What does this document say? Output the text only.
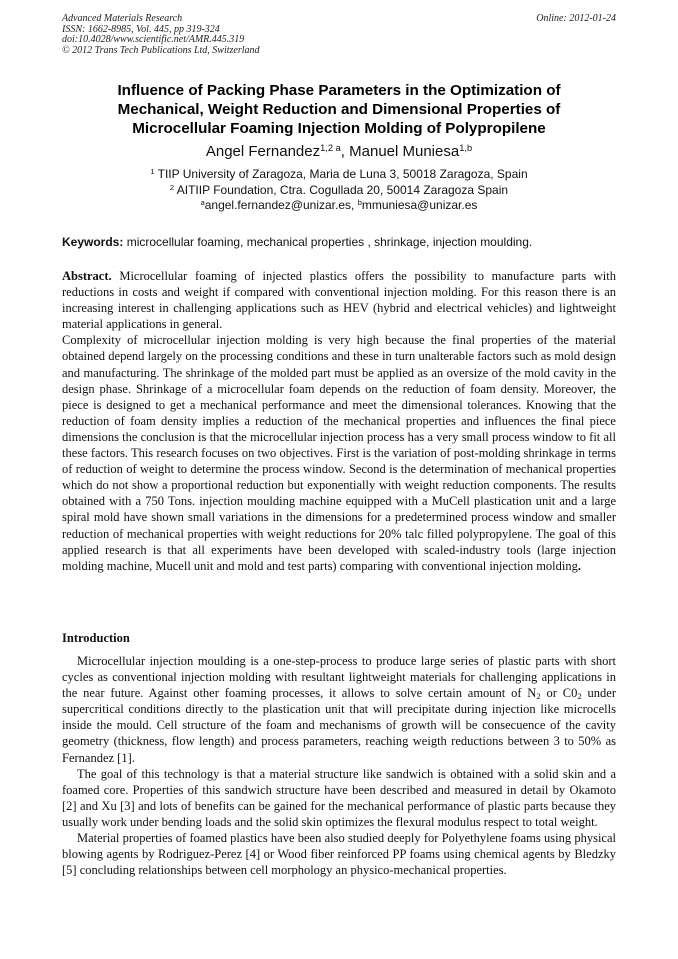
Advanced Materials Research
ISSN: 1662-8985, Vol. 445, pp 319-324
doi:10.4028/www.scientific.net/AMR.445.319
© 2012 Trans Tech Publications Ltd, Switzerland
Online: 2012-01-24
Influence of Packing Phase Parameters in the Optimization of
Mechanical, Weight Reduction and Dimensional Properties of
Microcellular Foaming Injection Molding of Polypropilene
Angel Fernandez$^{1,2 a}$, Manuel Muniesa$^{1,b}$
$^1$ TIIP University of Zaragoza, Maria de Luna 3, 50018 Zaragoza, Spain
$^2$ AITIIP Foundation, Ctra. Cogullada 20, 50014 Zaragoza Spain
$^a$angel.fernandez@unizar.es, $^b$mmuniesa@unizar.es
Keywords: microcellular foaming, mechanical properties , shrinkage, injection moulding.

Abstract. Microcellular foaming of injected plastics offers the possibility to manufacture parts with reductions in costs and weight if compared with conventional injection molding. For this reason there is an increasing interest in challenging applications such as HEV (hybrid and electrical vehicles) and lightweight material applications in general.

Complexity of microcellular injection molding is very high because the final properties of the material obtained depend largely on the processing conditions and these in turn unalterable factors such as mold design and manufacturing. The shrinkage of the molded part must be applied as an oversize of the mold cavity in the design phase. Shrinkage of a microcellular foam depends on the reduction of foam density. Moreover, the piece is designed to get a mechanical performance and meet the dimensional tolerances. Knowing that the reduction of foam density implies a reduction of the mechanical properties and influences the final piece dimensions the conclusion is that the microcellular injection process has a very small process window to fit all these factors. This research focuses on two objectives. First is the variation of post-molding shrinkage in terms of reduction of weight to determine the process window. Second is the determination of mechanical properties which do not show a proportional reduction but exponentially with weight reduction components. The results obtained with a 750 Tons. injection moulding machine equipped with a MuCell plastication unit and a large spiral mold have shown small variations in the dimensions for a predetermined process window and smaller reduction of mechanical properties with weight reductions for 20% talc filled polypropylene. The goal of this applied research is that all experiments have been developed with scaled-industry tools (large injection molding machine, Mucell unit and mold and test parts) comparing with conventional injection molding.

Introduction

Microcellular injection moulding is a one-step-process to produce large series of plastic parts with short cycles as conventional injection molding with resultant lightweight materials for challenging applications in the near future. Against other foaming processes, it allows to solve certain amount of $N_2$ or $C0_2$ under supercritical conditions directly to the plastication unit that will precipitate during injection like microcells inside the mould. Cell structure of the foam and mechanisms of growth will be consecuence of the cavity geometry (thickness, flow length) and process parameters, reaching weigth reductions between 3 to 50% as Fernandez [1].

The goal of this technology is that a material structure like sandwich is obtained with a solid skin and a foamed core. Properties of this sandwich structure have been described and measured in detail by Okamoto [2] and Xu [3] and lots of benefits can be gained for the mechanical performance of plastic parts because they usually work under bending loads and the solid skin optimizes the flexural modulus respect to total weight.

Material properties of foamed plastics have been also studied deeply for Polyethylene foams using physical blowing agents by Rodriguez-Perez [4] or Wood fiber reinforced PP foams using chemical agents by Bledzky [5] concluding relationships between cell morphology an physico-mechanical properties.
